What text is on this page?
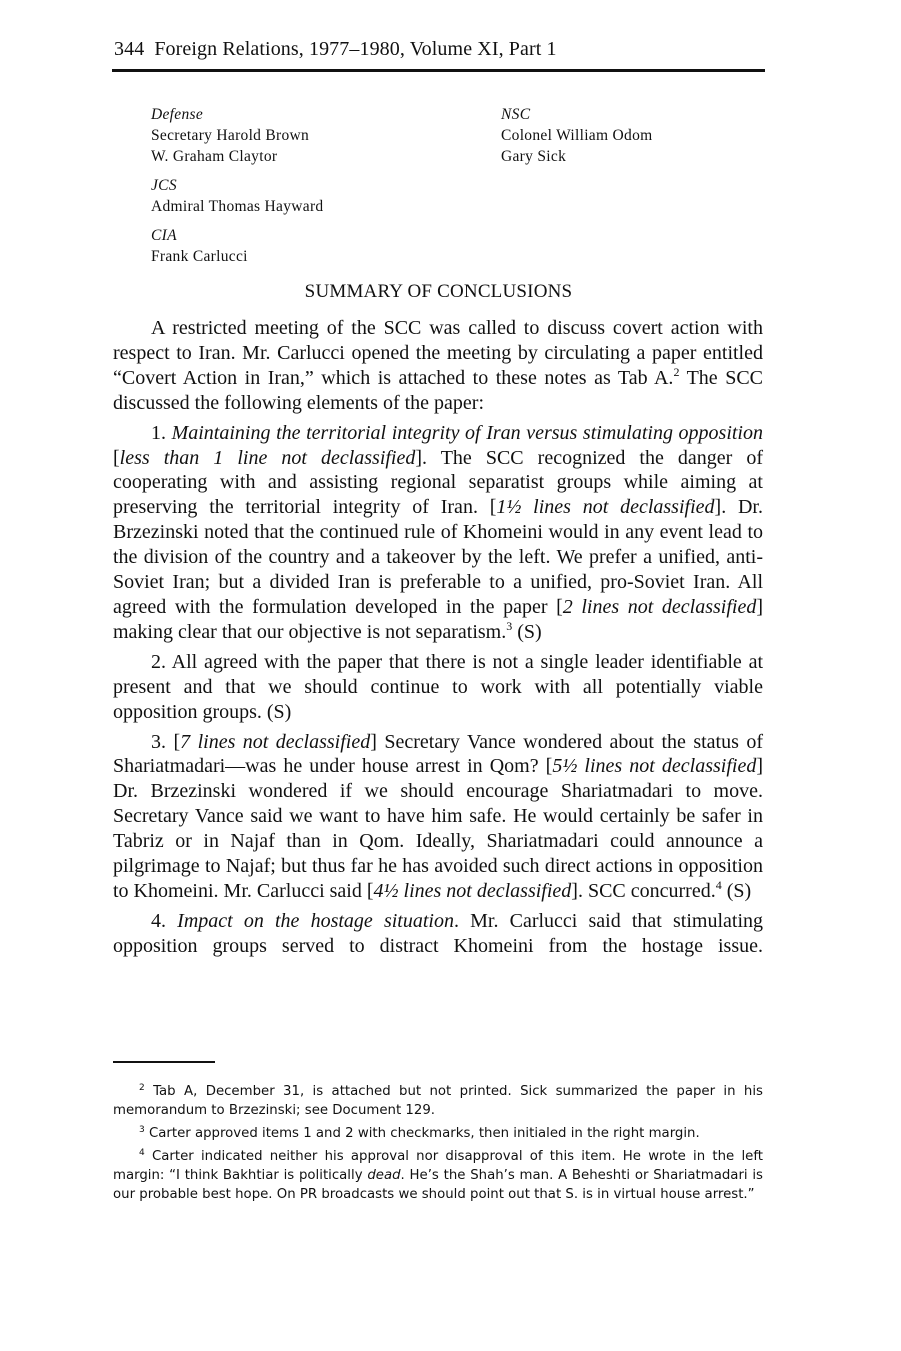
344 Foreign Relations, 1977–1980, Volume XI, Part 1
Defense
Secretary Harold Brown
W. Graham Claytor
JCS
Admiral Thomas Hayward
CIA
Frank Carlucci
NSC
Colonel William Odom
Gary Sick
SUMMARY OF CONCLUSIONS

A restricted meeting of the SCC was called to discuss covert action with respect to Iran. Mr. Carlucci opened the meeting by circulating a paper entitled “Covert Action in Iran,” which is attached to these notes as Tab A.$^2$ The SCC discussed the following elements of the paper:

1. Maintaining the territorial integrity of Iran versus stimulating opposition [less than 1 line not declassified]. The SCC recognized the danger of cooperating with and assisting regional separatist groups while aiming at preserving the territorial integrity of Iran. [1½ lines not declassified]. Dr. Brzezinski noted that the continued rule of Khomeini would in any event lead to the division of the country and a takeover by the left. We prefer a unified, anti-Soviet Iran; but a divided Iran is preferable to a unified, pro-Soviet Iran. All agreed with the formulation developed in the paper [2 lines not declassified] making clear that our objective is not separatism.$^3$ (S)

2. All agreed with the paper that there is not a single leader identifiable at present and that we should continue to work with all potentially viable opposition groups. (S)

3. [7 lines not declassified] Secretary Vance wondered about the status of Shariatmadari—was he under house arrest in Qom? [5½ lines not declassified] Dr. Brzezinski wondered if we should encourage Shariatmadari to move. Secretary Vance said we want to have him safe. He would certainly be safer in Tabriz or in Najaf than in Qom. Ideally, Shariatmadari could announce a pilgrimage to Najaf; but thus far he has avoided such direct actions in opposition to Khomeini. Mr. Carlucci said [4½ lines not declassified]. SCC concurred.$^4$ (S)

4. Impact on the hostage situation. Mr. Carlucci said that stimulating opposition groups served to distract Khomeini from the hostage issue.

$^2$ Tab A, December 31, is attached but not printed. Sick summarized the paper in his memorandum to Brzezinski; see Document 129.

$^3$ Carter approved items 1 and 2 with checkmarks, then initialed in the right margin.

$^4$ Carter indicated neither his approval nor disapproval of this item. He wrote in the left margin: “I think Bakhtiar is politically dead. He’s the Shah’s man. A Beheshti or Shariatmadari is our probable best hope. On PR broadcasts we should point out that S. is in virtual house arrest.”
